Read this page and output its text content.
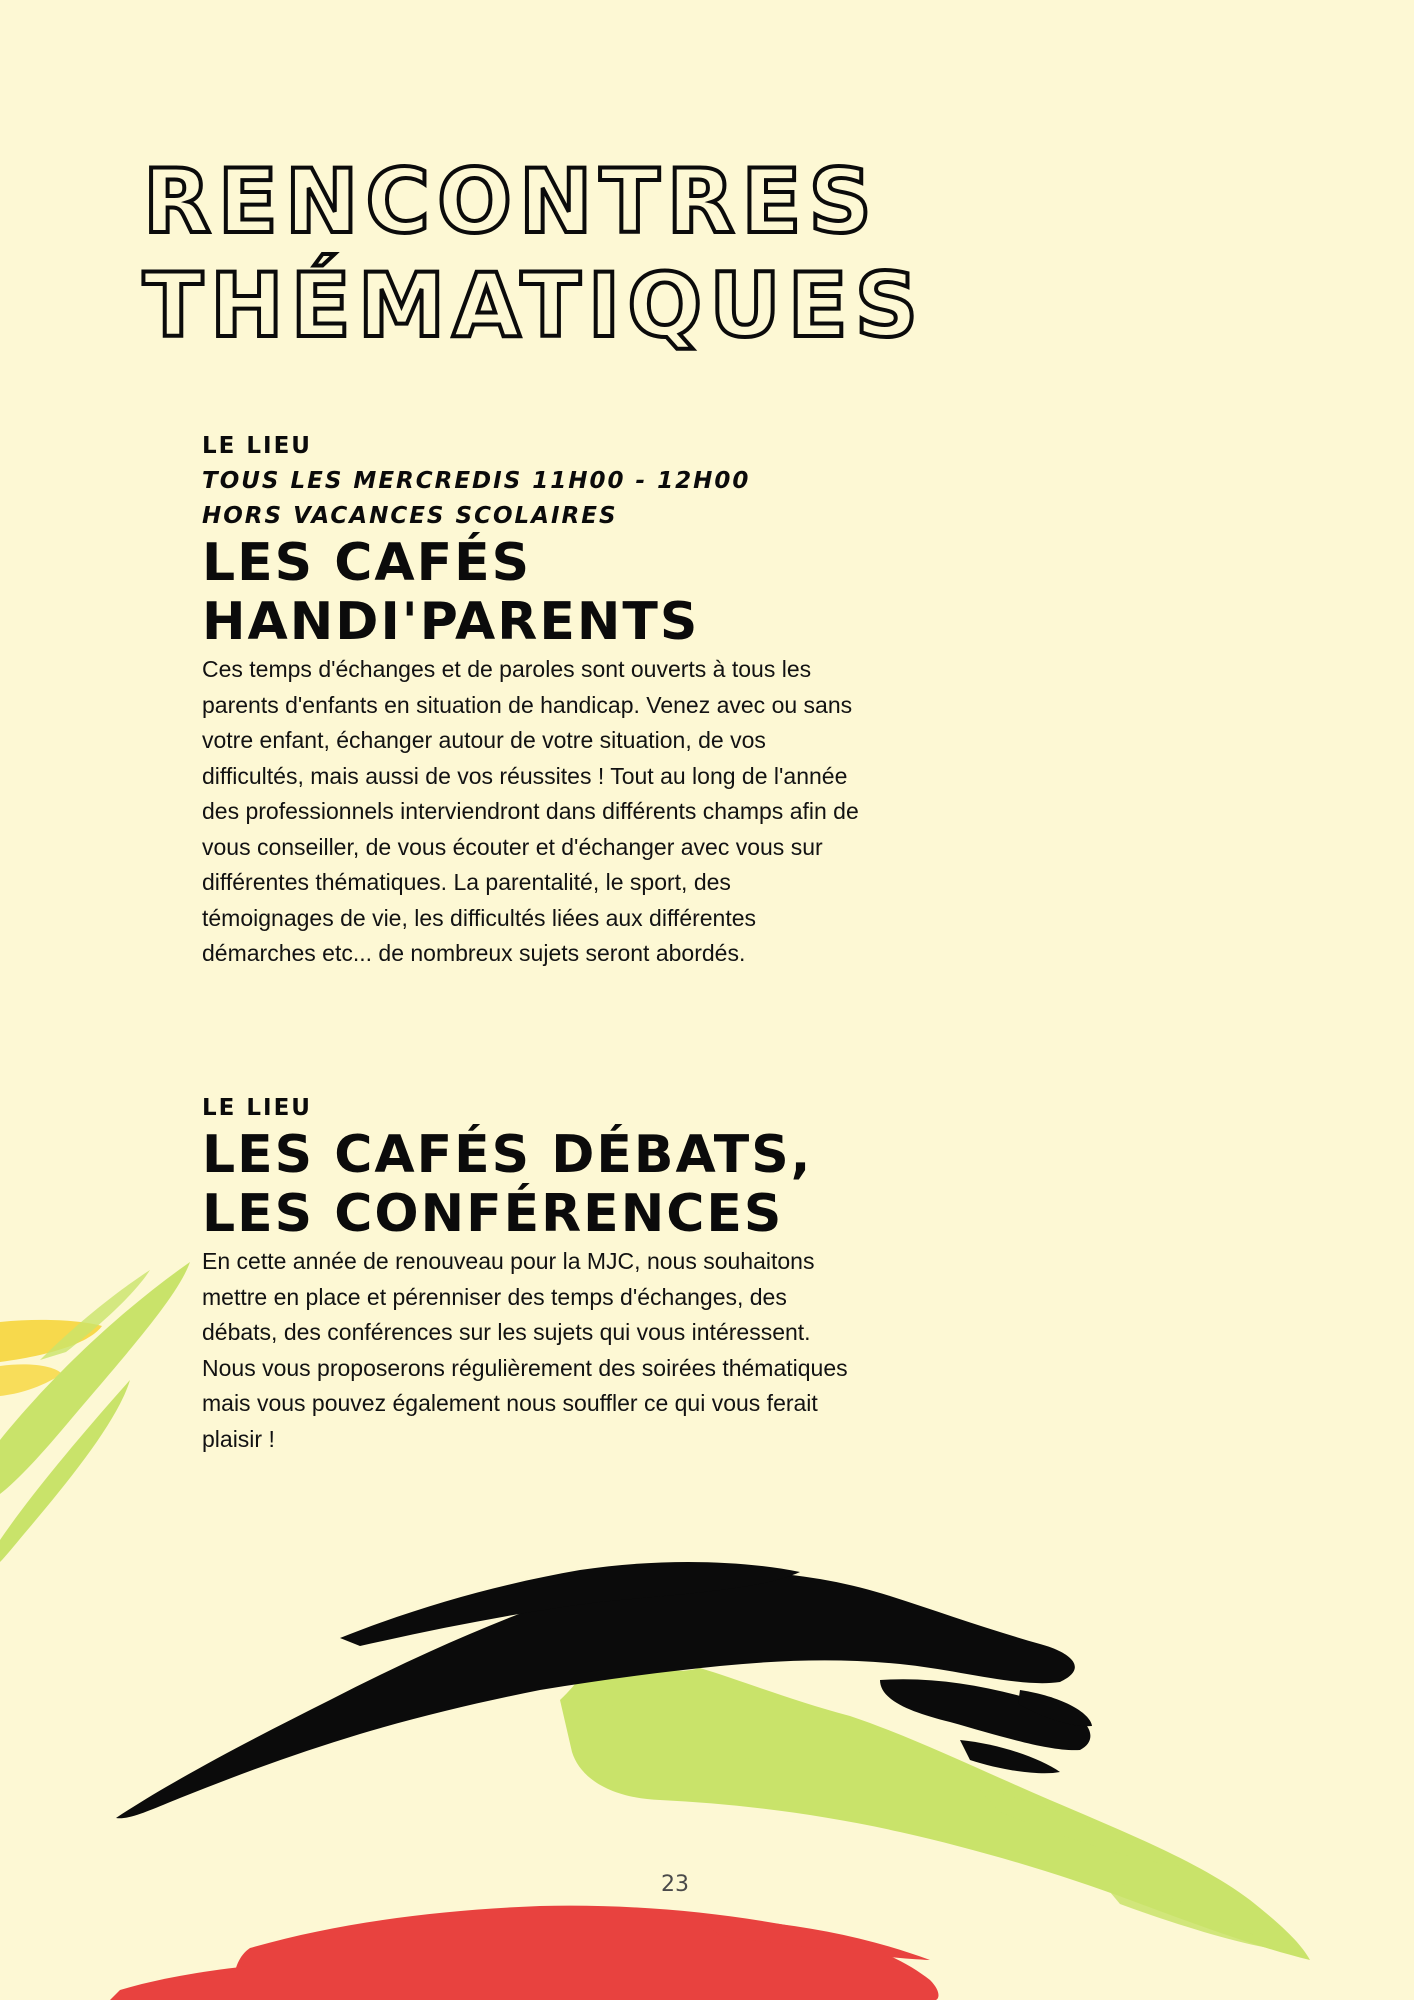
RENCONTRES
THÉMATIQUES

LE LIEU

TOUS LES MERCREDIS 11H00 - 12H00

HORS VACANCES SCOLAIRES

LES CAFÉS
HANDI'PARENTS

Ces temps d'échanges et de paroles sont ouverts à tous les parents d'enfants en situation de handicap. Venez avec ou sans votre enfant, échanger autour de votre situation, de vos difficultés, mais aussi de vos réussites ! Tout au long de l'année des professionnels interviendront dans différents champs afin de vous conseiller, de vous écouter et d'échanger avec vous sur différentes thématiques. La parentalité, le sport, des témoignages de vie, les difficultés liées aux différentes démarches etc... de nombreux sujets seront abordés.

LE LIEU

LES CAFÉS DÉBATS,
LES CONFÉRENCES

En cette année de renouveau pour la MJC, nous souhaitons mettre en place et pérenniser des temps d'échanges, des débats, des conférences sur les sujets qui vous intéressent. Nous vous proposerons régulièrement des soirées thématiques mais vous pouvez également nous souffler ce qui vous ferait plaisir !

23
